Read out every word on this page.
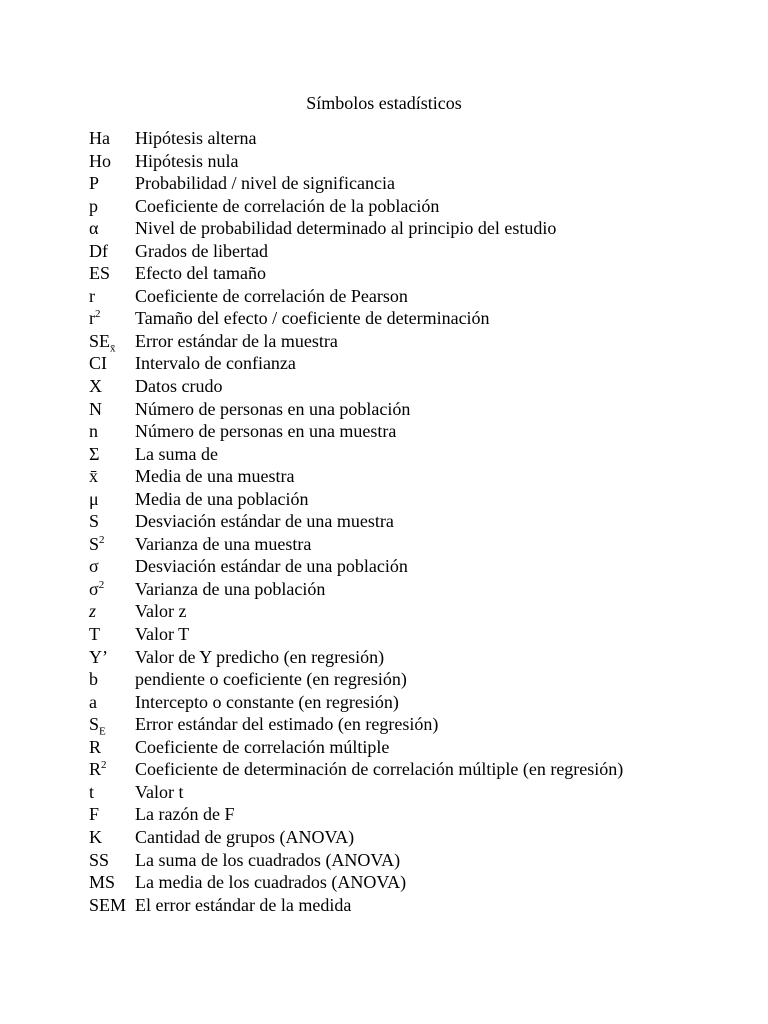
Símbolos estadísticos
Ha	Hipótesis alterna
Ho	Hipótesis nula
P	Probabilidad / nivel de significancia
p	Coeficiente de correlación de la población
α	Nivel de probabilidad determinado al principio del estudio
Df	Grados de libertad
ES	Efecto del tamaño
r	Coeficiente de correlación de Pearson
$r^2$	Tamaño del efecto / coeficiente de determinación
$SE_{x̄}$	Error estándar de la muestra
CI	Intervalo de confianza
X	Datos crudo
N	Número de personas en una población
n	Número de personas en una muestra
Σ	La suma de
x̄	Media de una muestra
μ	Media de una población
S	Desviación estándar de una muestra
$S^2$	Varianza de una muestra
σ	Desviación estándar de una población
$\sigma^2$	Varianza de una población
z	Valor z
T	Valor T
Y’	Valor de Y predicho (en regresión)
b	pendiente o coeficiente (en regresión)
a	Intercepto o constante (en regresión)
$S_E$	Error estándar del estimado (en regresión)
R	Coeficiente de correlación múltiple
$R^2$	Coeficiente de determinación de correlación múltiple (en regresión)
t	Valor t
F	La razón de F
K	Cantidad de grupos (ANOVA)
SS	La suma de los cuadrados (ANOVA)
MS	La media de los cuadrados (ANOVA)
SEM El error estándar de la medida
